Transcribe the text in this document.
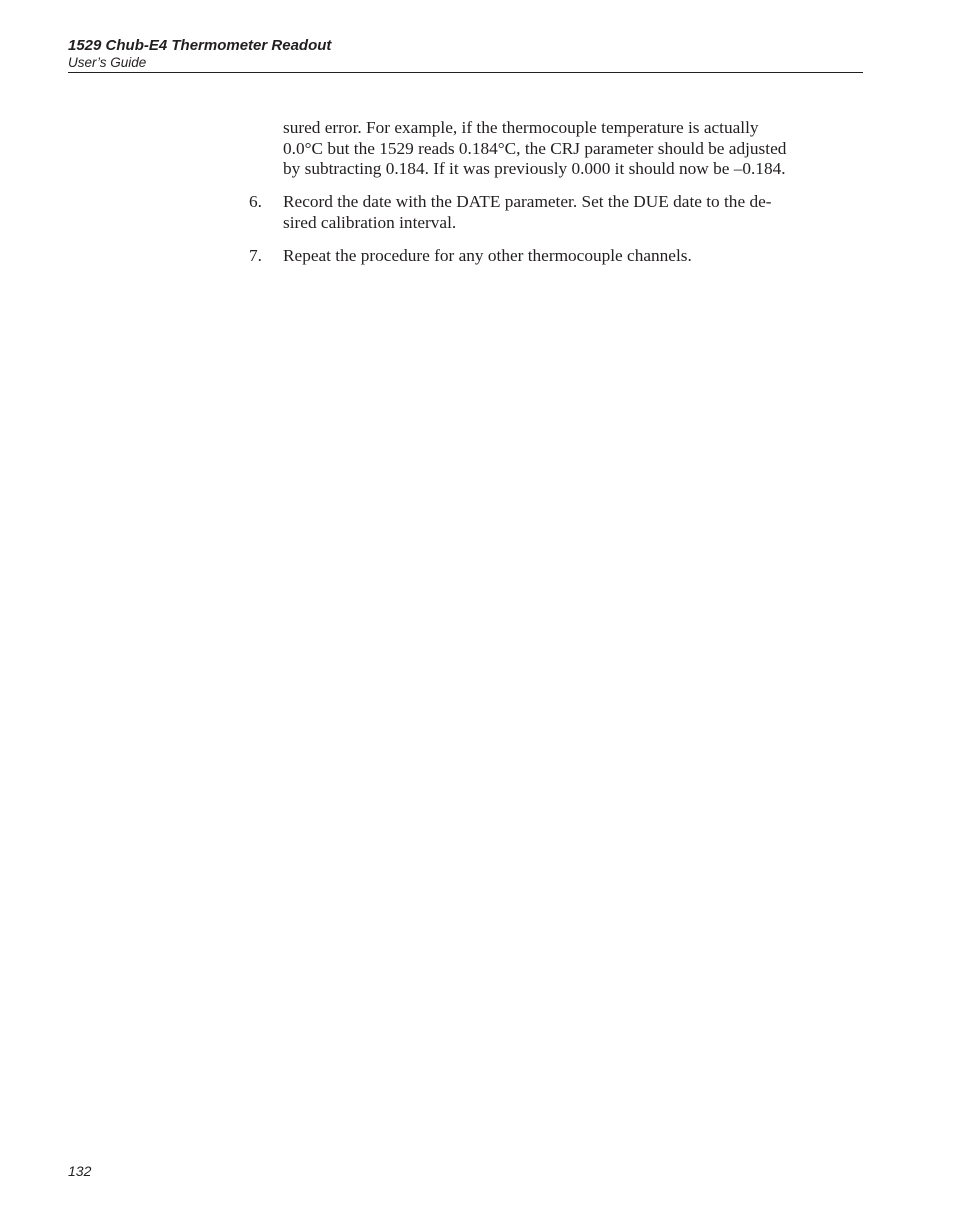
1529 Chub-E4 Thermometer Readout
User’s Guide
sured error. For example, if the thermocouple temperature is actually
0.0°C but the 1529 reads 0.184°C, the CRJ parameter should be adjusted
by subtracting 0.184. If it was previously 0.000 it should now be –0.184.
6.	Record the date with the DATE parameter. Set the DUE date to the de-
sired calibration interval.
7.	Repeat the procedure for any other thermocouple channels.
132
